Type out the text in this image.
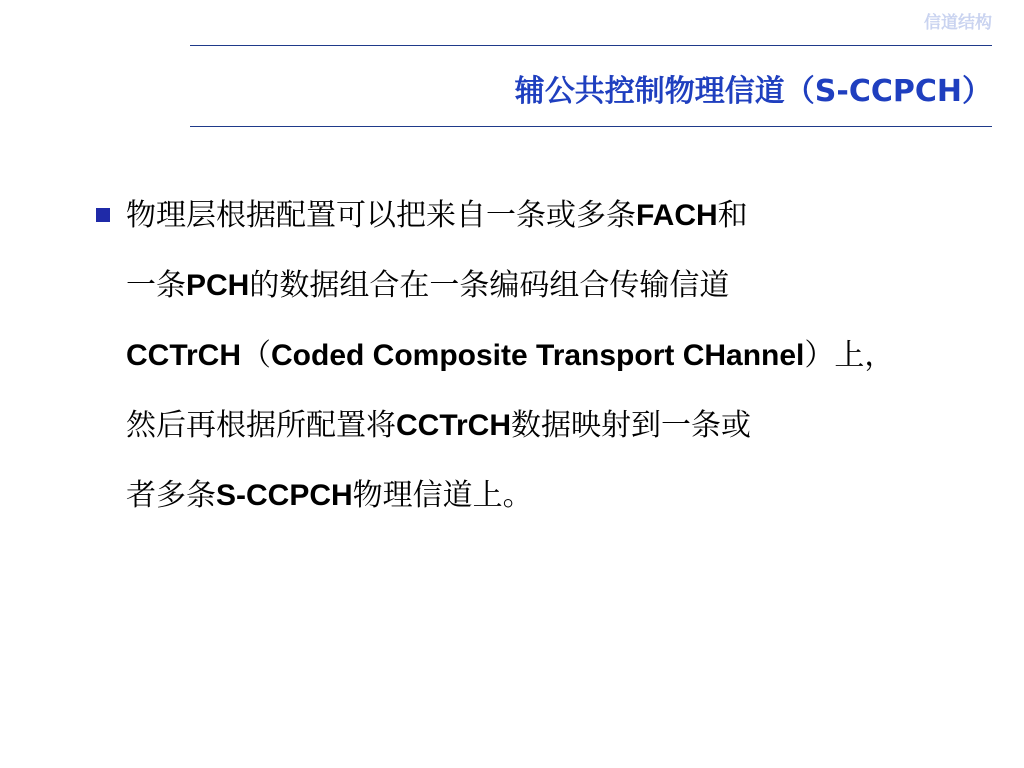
信道结构
辅公共控制物理信道（S-CCPCH）
物理层根据配置可以把来自一条或多条FACH和
一条PCH的数据组合在一条编码组合传输信道
CCTrCH（Coded Composite Transport CHannel）上，
然后再根据所配置将CCTrCH数据映射到一条或
者多条S-CCPCH物理信道上。
